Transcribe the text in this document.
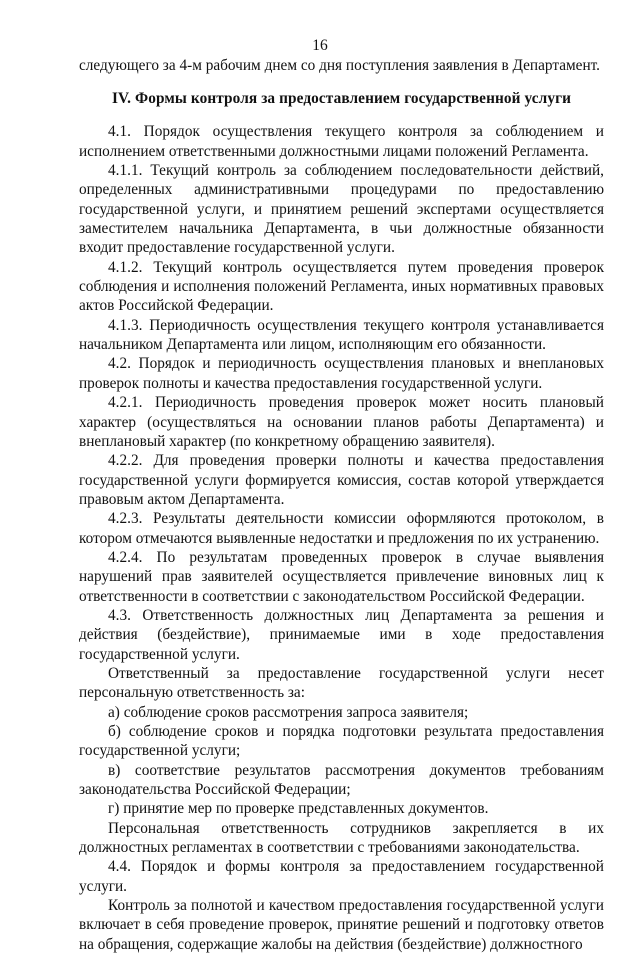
16

следующего за 4-м рабочим днем со дня поступления заявления в Департамент.

IV. Формы контроля за предоставлением государственной услуги

4.1. Порядок осуществления текущего контроля за соблюдением и исполнением ответственными должностными лицами положений Регламента.

4.1.1. Текущий контроль за соблюдением последовательности действий, определенных административными процедурами по предоставлению государственной услуги, и принятием решений экспертами осуществляется заместителем начальника Департамента, в чьи должностные обязанности входит предоставление государственной услуги.

4.1.2. Текущий контроль осуществляется путем проведения проверок соблюдения и исполнения положений Регламента, иных нормативных правовых актов Российской Федерации.

4.1.3. Периодичность осуществления текущего контроля устанавливается начальником Департамента или лицом, исполняющим его обязанности.

4.2. Порядок и периодичность осуществления плановых и внеплановых проверок полноты и качества предоставления государственной услуги.

4.2.1. Периодичность проведения проверок может носить плановый характер (осуществляться на основании планов работы Департамента) и внеплановый характер (по конкретному обращению заявителя).

4.2.2. Для проведения проверки полноты и качества предоставления государственной услуги формируется комиссия, состав которой утверждается правовым актом Департамента.

4.2.3. Результаты деятельности комиссии оформляются протоколом, в котором отмечаются выявленные недостатки и предложения по их устранению.

4.2.4. По результатам проведенных проверок в случае выявления нарушений прав заявителей осуществляется привлечение виновных лиц к ответственности в соответствии с законодательством Российской Федерации.

4.3. Ответственность должностных лиц Департамента за решения и действия (бездействие), принимаемые ими в ходе предоставления государственной услуги.

Ответственный за предоставление государственной услуги несет персональную ответственность за:

а) соблюдение сроков рассмотрения запроса заявителя;

б) соблюдение сроков и порядка подготовки результата предоставления государственной услуги;

в) соответствие результатов рассмотрения документов требованиям законодательства Российской Федерации;

г) принятие мер по проверке представленных документов.

Персональная ответственность сотрудников закрепляется в их должностных регламентах в соответствии с требованиями законодательства.

4.4. Порядок и формы контроля за предоставлением государственной услуги.

Контроль за полнотой и качеством предоставления государственной услуги включает в себя проведение проверок, принятие решений и подготовку ответов на обращения, содержащие жалобы на действия (бездействие) должностного
